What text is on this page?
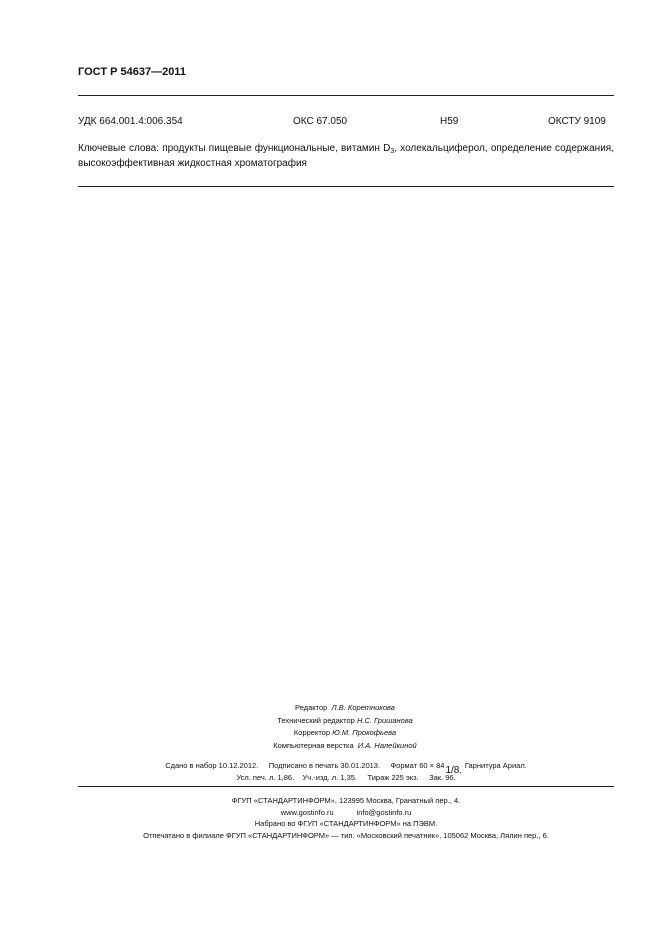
ГОСТ Р 54637—2011
УДК 664.001.4:006.354	ОКС 67.050	Н59	ОКСТУ 9109
Ключевые слова: продукты пищевые функциональные, витамин $D_3$, холекальциферол, определение содержания, высокоэффективная жидкостная хроматография
Редактор Л.В. Коретникова
Технический редактор Н.С. Гришанова
Корректор Ю.М. Прокофьева
Компьютерная верстка И.А. Налейкиной
Сдано в набор 10.12.2012. Подписано в печать 30.01.2013. Формат 60 × 84 1/8. Гарнитура Ариал.
Усл. печ. л. 1,86. Уч.-изд. л. 1,35. Тираж 225 экз. Зак. 96.
ФГУП «СТАНДАРТИНФОРМ», 123995 Москва, Гранатный пер., 4.
www.gostinfo.ru	info@gostinfo.ru
Набрано во ФГУП «СТАНДАРТИНФОРМ» на ПЭВМ.
Отпечатано в филиале ФГУП «СТАНДАРТИНФОРМ» — тип. «Московский печатник», 105062 Москва, Лялин пер., 6.
